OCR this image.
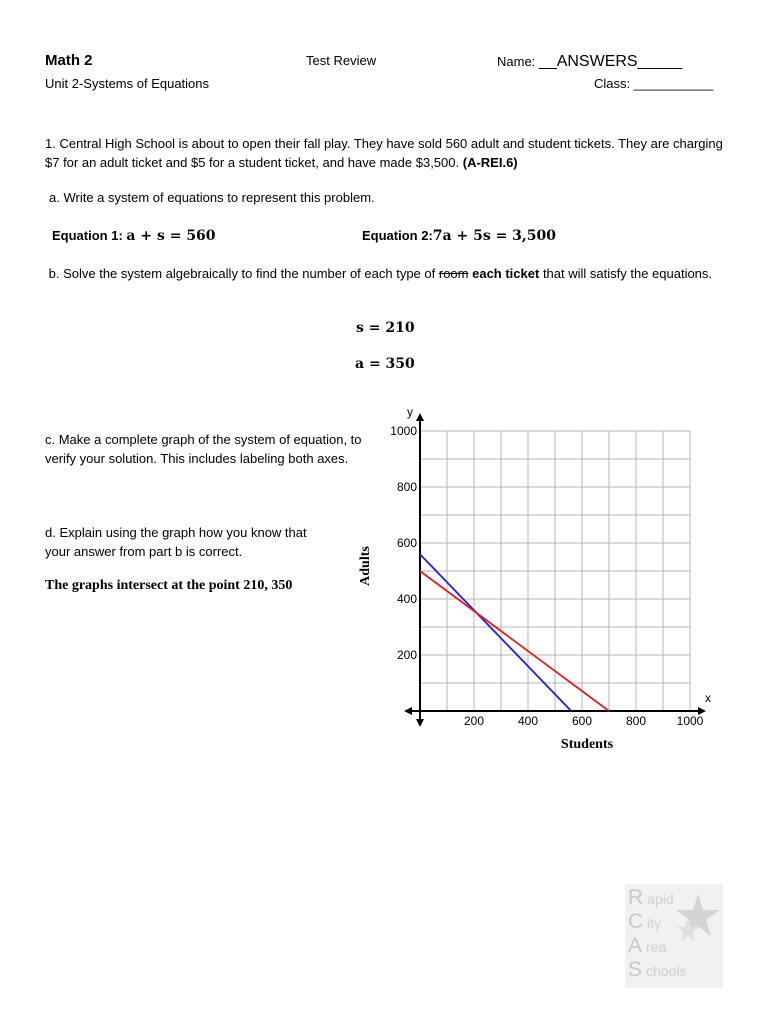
Math 2	Test Review	Name: __ANSWERS_____
Unit 2-Systems of Equations	Class: ___________
1. Central High School is about to open their fall play. They have sold 560 adult and student tickets. They are charging $7 for an adult ticket and $5 for a student ticket, and have made $3,500. (A-REI.6)
a. Write a system of equations to represent this problem.
Equation 1: a + s = 560	Equation 2:7a + 5s = 3,500
b. Solve the system algebraically to find the number of each type of room each ticket that will satisfy the equations.
s = 210
a = 350
c. Make a complete graph of the system of equation, to verify your solution. This includes labeling both axes.
d. Explain using the graph how you know that your answer from part b is correct.
The graphs intersect at the point 210, 350
200	400	600	800	1000
200
400
600
800
1000
x
y
Students
Adults
Rapid
City
Area
Schools
